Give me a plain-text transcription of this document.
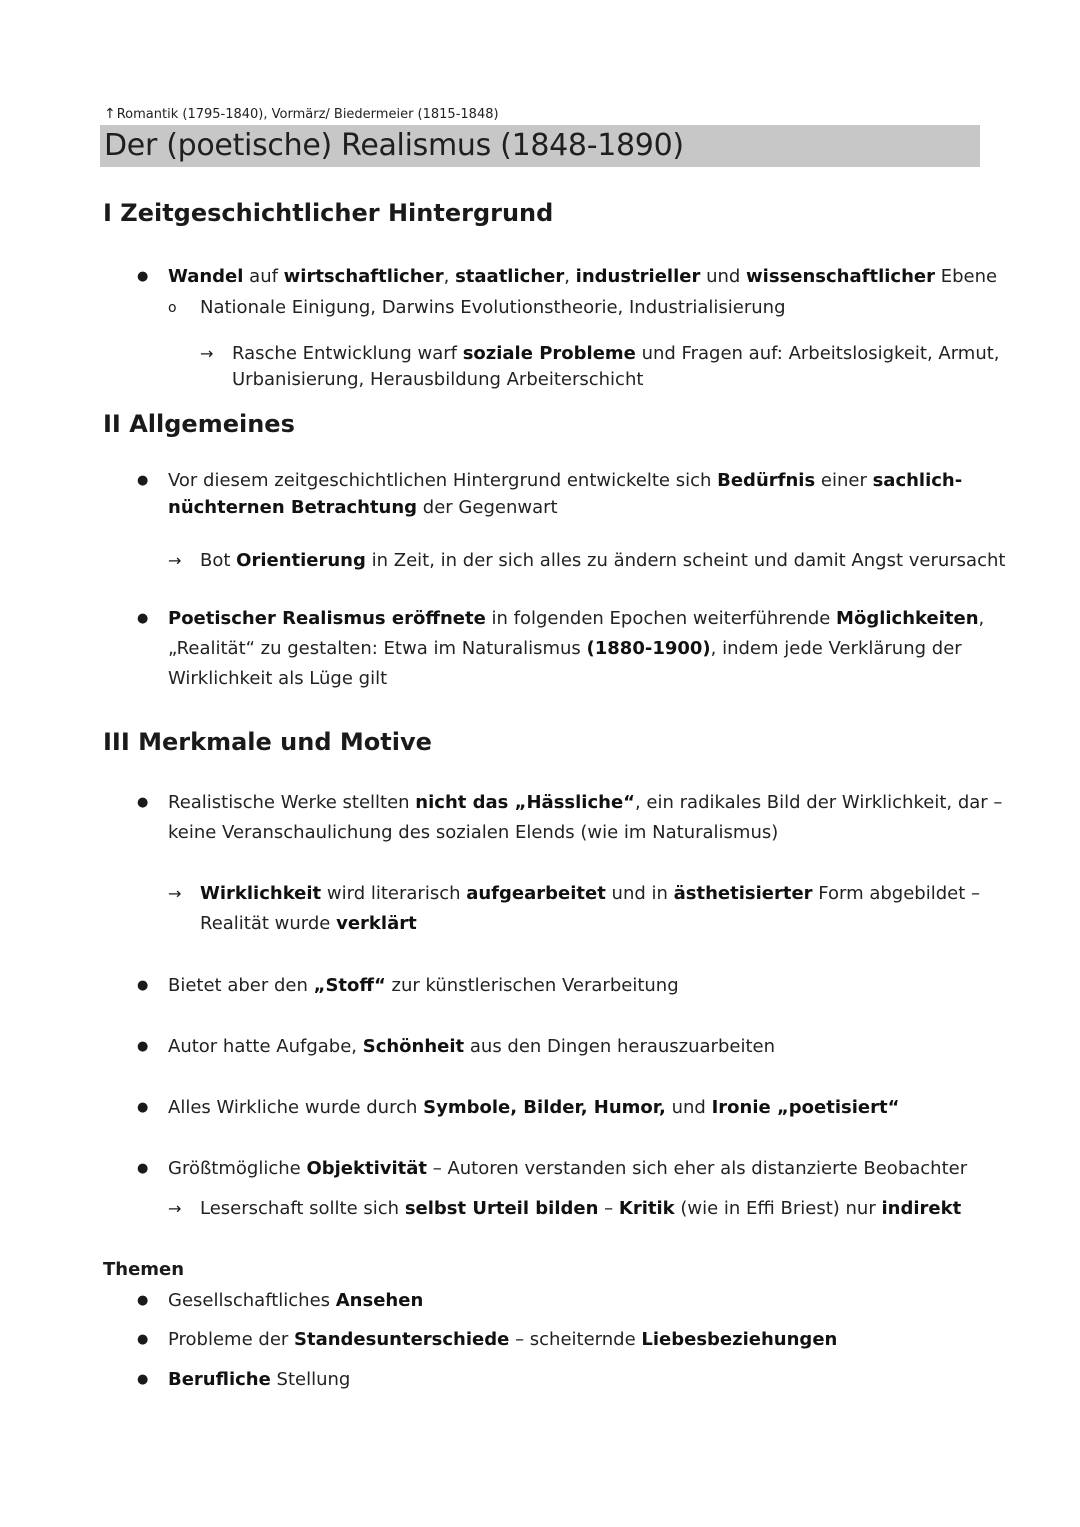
↑Romantik (1795-1840), Vormärz/ Biedermeier (1815-1848)

Der (poetische) Realismus (1848-1890)
I Zeitgeschichtlicher Hintergrund
● Wandel auf wirtschaftlicher, staatlicher, industrieller und wissenschaftlicher Ebene

o Nationale Einigung, Darwins Evolutionstheorie, Industrialisierung

→ Rasche Entwicklung warf soziale Probleme und Fragen auf: Arbeitslosigkeit, Armut,

Urbanisierung, Herausbildung Arbeiterschicht

II Allgemeines
● Vor diesem zeitgeschichtlichen Hintergrund entwickelte sich Bedürfnis einer sachlich-

nüchternen Betrachtung der Gegenwart

→ Bot Orientierung in Zeit, in der sich alles zu ändern scheint und damit Angst verursacht

● Poetischer Realismus eröffnete in folgenden Epochen weiterführende Möglichkeiten,

„Realität“ zu gestalten: Etwa im Naturalismus (1880-1900), indem jede Verklärung der

Wirklichkeit als Lüge gilt

III Merkmale und Motive
● Realistische Werke stellten nicht das „Hässliche“, ein radikales Bild der Wirklichkeit, dar –

keine Veranschaulichung des sozialen Elends (wie im Naturalismus)

→ Wirklichkeit wird literarisch aufgearbeitet und in ästhetisierter Form abgebildet –

Realität wurde verklärt

● Bietet aber den „Stoff“ zur künstlerischen Verarbeitung

● Autor hatte Aufgabe, Schönheit aus den Dingen herauszuarbeiten

● Alles Wirkliche wurde durch Symbole, Bilder, Humor, und Ironie „poetisiert“

● Größtmögliche Objektivität – Autoren verstanden sich eher als distanzierte Beobachter

→ Leserschaft sollte sich selbst Urteil bilden – Kritik (wie in Effi Briest) nur indirekt

Themen
● Gesellschaftliches Ansehen

● Probleme der Standesunterschiede – scheiternde Liebesbeziehungen

● Berufliche Stellung
